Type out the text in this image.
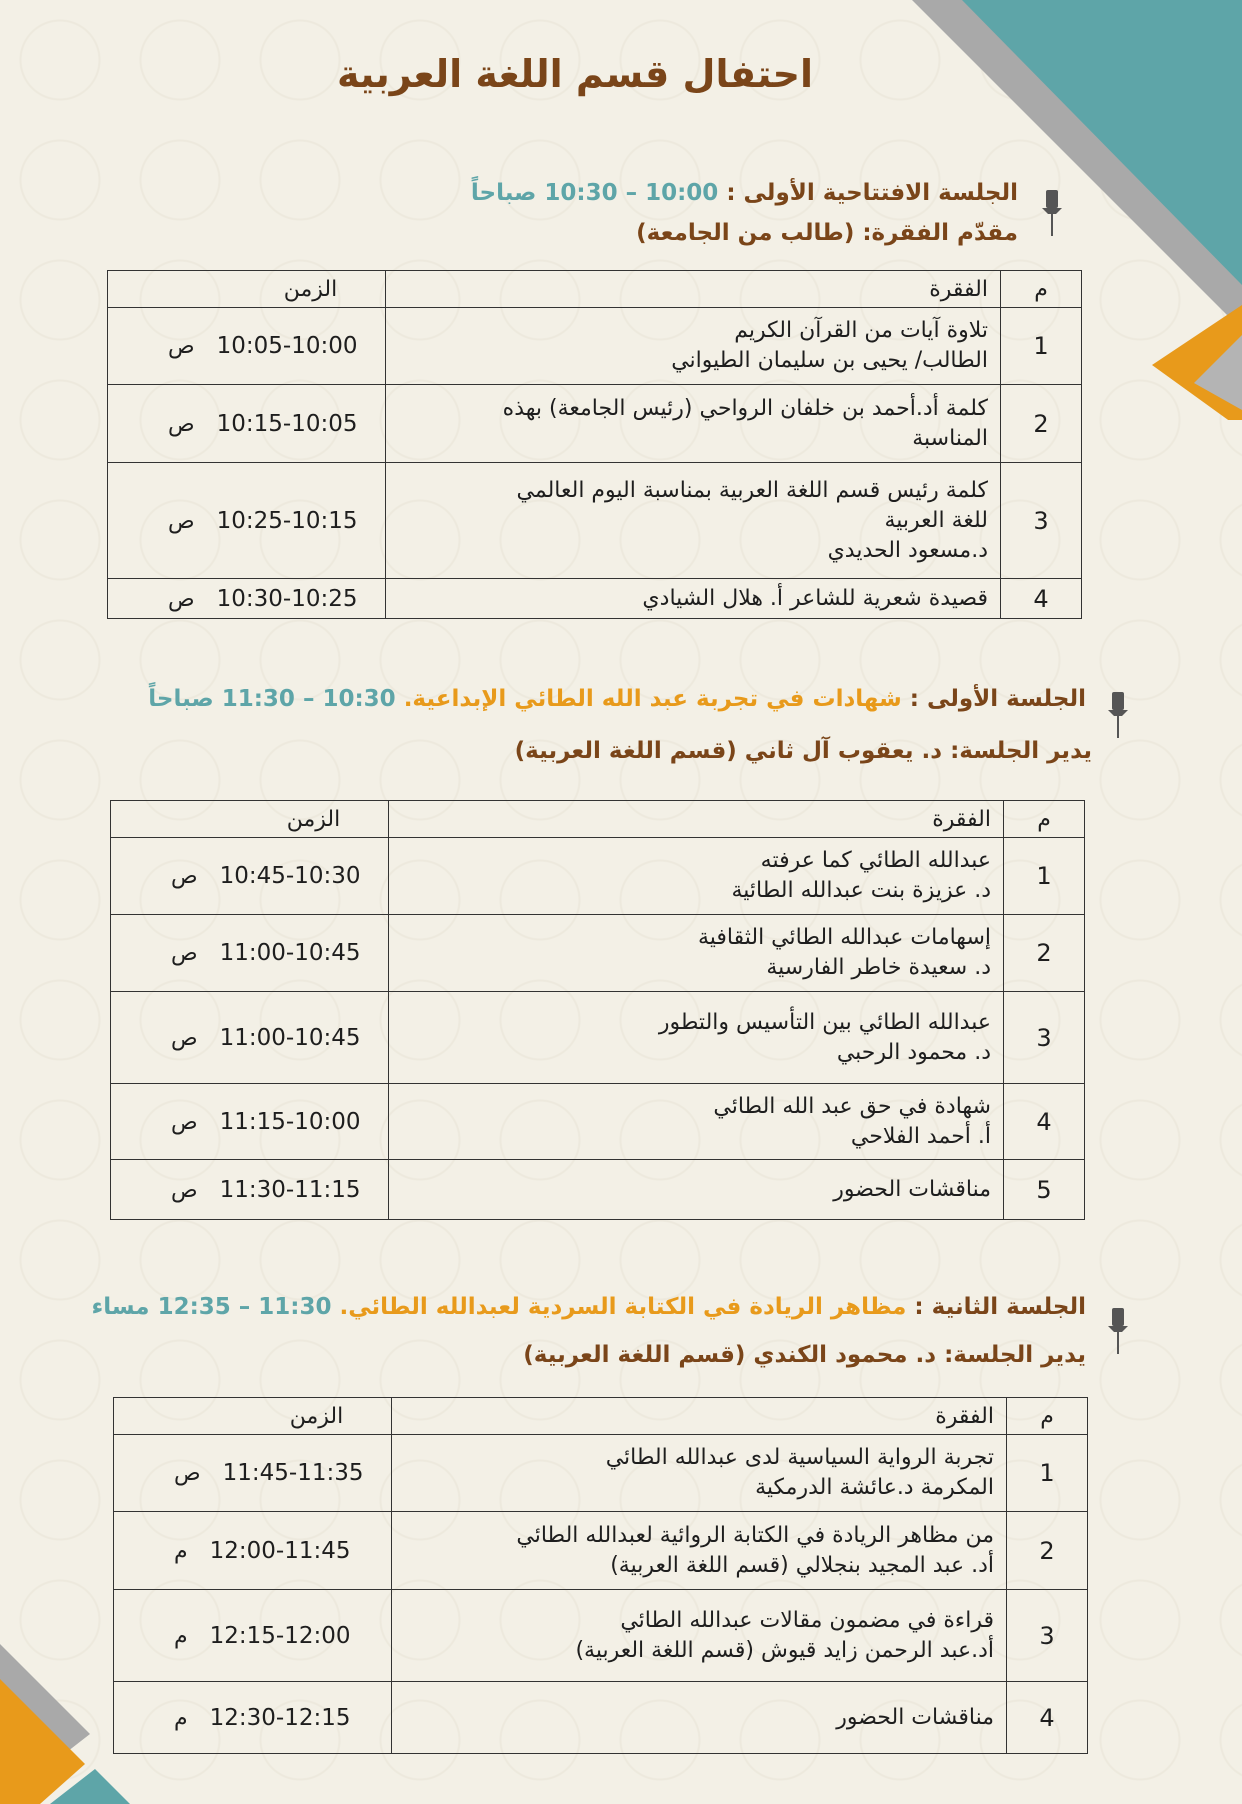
احتفال قسم اللغة العربية
الجلسة الافتتاحية الأولى : 10:00 – 10:30 صباحاً
مقدّم الفقرة: (طالب من الجامعة)
م	الفقرة	الزمن
1	تلاوة آيات من القرآن الكريم
الطالب/ يحيى بن سليمان الطيواني	ص 10:05-10:00
2	كلمة أد.أحمد بن خلفان الرواحي (رئيس الجامعة) بهذه
المناسبة	ص 10:15-10:05
3	كلمة رئيس قسم اللغة العربية بمناسبة اليوم العالمي
للغة العربية
د.مسعود الحديدي	ص 10:25-10:15
4	قصيدة شعرية للشاعر أ. هلال الشيادي	ص 10:30-10:25
الجلسة الأولى : شهادات في تجربة عبد الله الطائي الإبداعية. 10:30 – 11:30 صباحاً
يدير الجلسة: د. يعقوب آل ثاني (قسم اللغة العربية)
م	الفقرة	الزمن
1	عبدالله الطائي كما عرفته
د. عزيزة بنت عبدالله الطائية	ص 10:45-10:30
2	إسهامات عبدالله الطائي الثقافية
د. سعيدة خاطر الفارسية	ص 11:00-10:45
3	عبدالله الطائي بين التأسيس والتطور
د. محمود الرحبي	ص 11:00-10:45
4	شهادة في حق عبد الله الطائي
أ. أحمد الفلاحي	ص 11:15-10:00
5	مناقشات الحضور	ص 11:30-11:15
الجلسة الثانية : مظاهر الريادة في الكتابة السردية لعبدالله الطائي. 11:30 – 12:35 مساء
يدير الجلسة: د. محمود الكندي (قسم اللغة العربية)
م	الفقرة	الزمن
1	تجربة الرواية السياسية لدى عبدالله الطائي
المكرمة د.عائشة الدرمكية	ص 11:45-11:35
2	من مظاهر الريادة في الكتابة الروائية لعبدالله الطائي
أد. عبد المجيد بنجلالي (قسم اللغة العربية)	م 12:00-11:45
3	قراءة في مضمون مقالات عبدالله الطائي
أد.عبد الرحمن زايد قيوش (قسم اللغة العربية)	م 12:15-12:00
4	مناقشات الحضور	م 12:30-12:15
